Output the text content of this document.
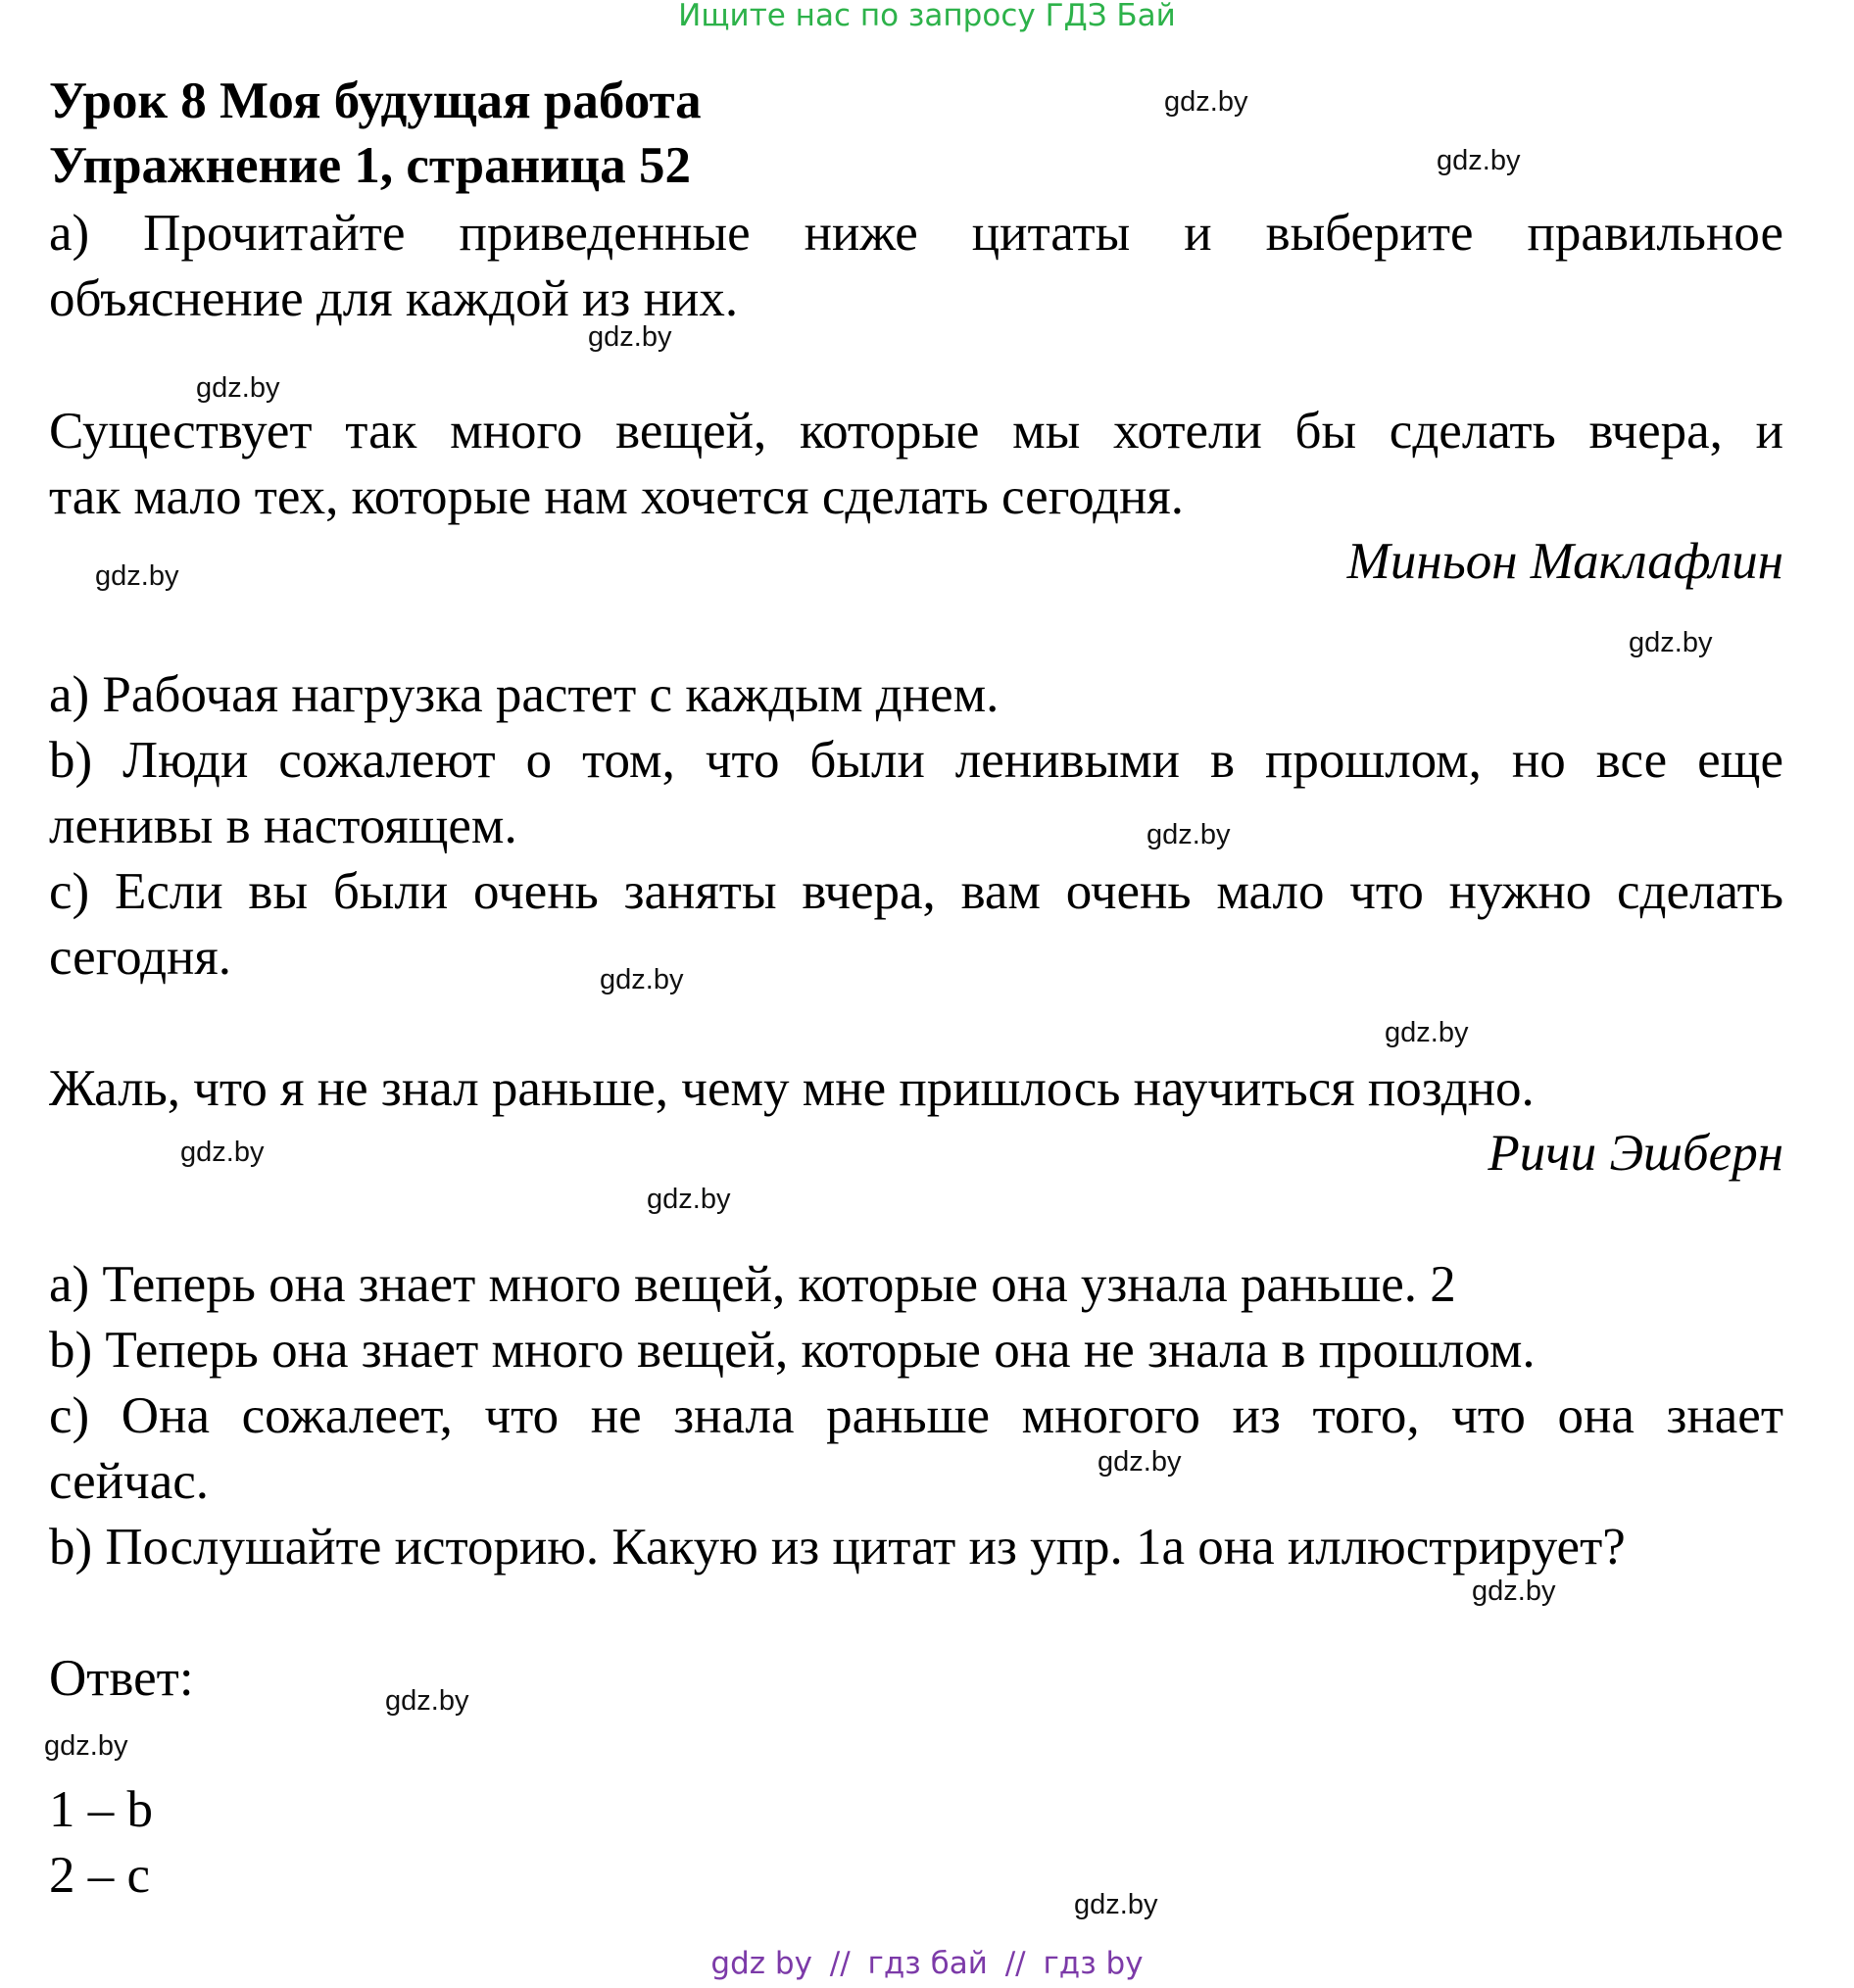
Ищите нас по запросу ГДЗ Бай
Урок 8 Моя будущая работа
Упражнение 1, страница 52
а) Прочитайте приведенные ниже цитаты и выберите правильное
объяснение для каждой из них.
Существует так много вещей, которые мы хотели бы сделать вчера, и
так мало тех, которые нам хочется сделать сегодня.
Миньон Маклафлин
a) Рабочая нагрузка растет с каждым днем.
b) Люди сожалеют о том, что были ленивыми в прошлом, но все еще
ленивы в настоящем.
c) Если вы были очень заняты вчера, вам очень мало что нужно сделать
сегодня.
Жаль, что я не знал раньше, чему мне пришлось научиться поздно.
Ричи Эшберн
a) Теперь она знает много вещей, которые она узнала раньше. 2
b) Теперь она знает много вещей, которые она не знала в прошлом.
c) Она сожалеет, что не знала раньше многого из того, что она знает
сейчас.
b) Послушайте историю. Какую из цитат из упр. 1a она иллюстрирует?
Ответ:
1 – b
2 – c
gdz.by
gdz.by
gdz.by
gdz.by
gdz.by
gdz.by
gdz.by
gdz.by
gdz.by
gdz.by
gdz.by
gdz.by
gdz.by
gdz.by
gdz.by
gdz.by
gdz by // гдз бай // гдз by
